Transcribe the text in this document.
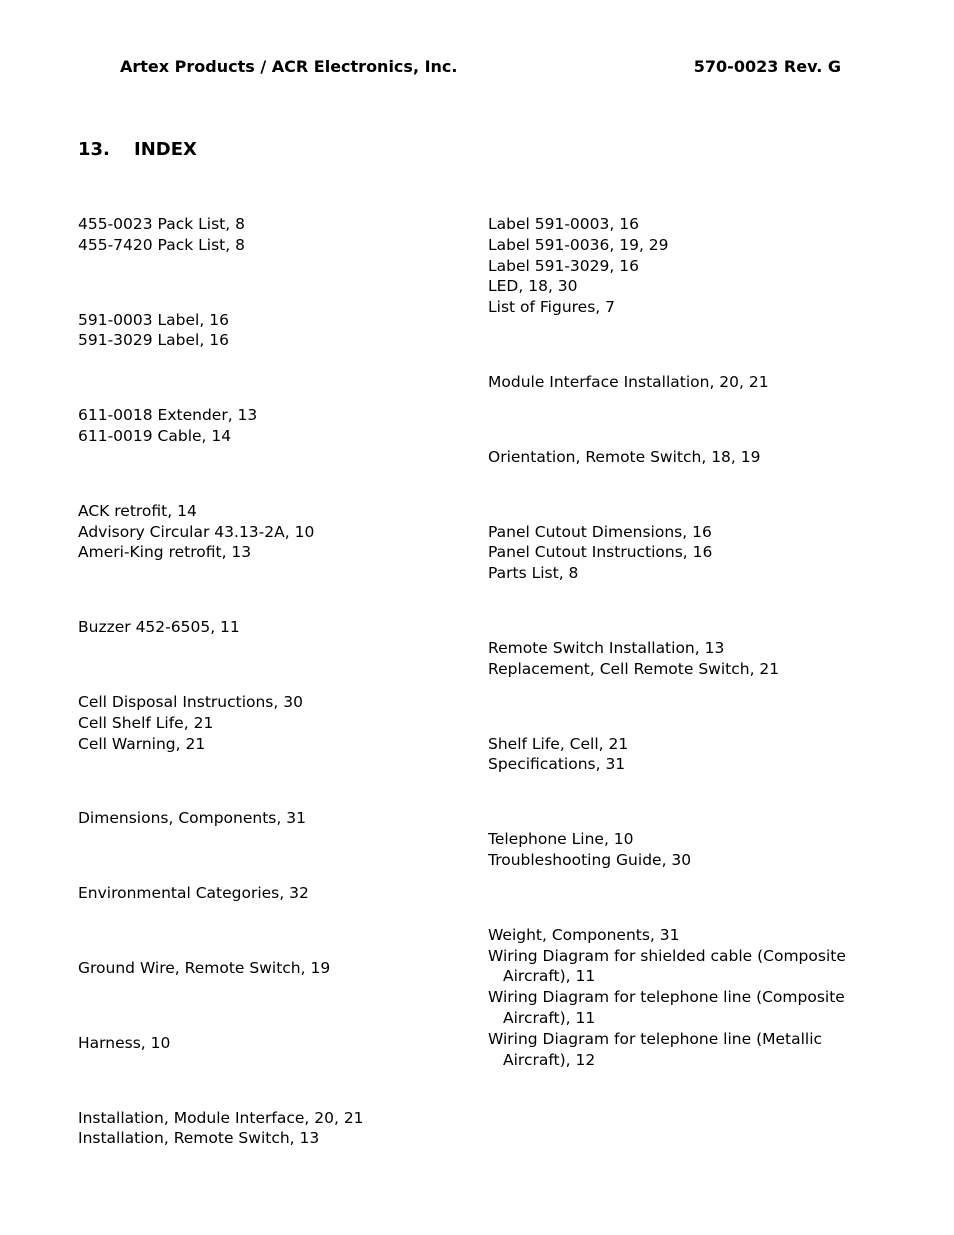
Artex Products / ACR Electronics, Inc.	570-0023 Rev. G
13. INDEX
455-0023 Pack List, 8
455-7420 Pack List, 8
591-0003 Label, 16
591-3029 Label, 16
611-0018 Extender, 13
611-0019 Cable, 14
ACK retrofit, 14
Advisory Circular 43.13-2A, 10
Ameri-King retrofit, 13
Buzzer 452-6505, 11
Cell Disposal Instructions, 30
Cell Shelf Life, 21
Cell Warning, 21
Dimensions, Components, 31
Environmental Categories, 32
Ground Wire, Remote Switch, 19
Harness, 10
Installation, Module Interface, 20, 21
Installation, Remote Switch, 13
Label 591-0003, 16
Label 591-0036, 19, 29
Label 591-3029, 16
LED, 18, 30
List of Figures, 7
Module Interface Installation, 20, 21
Orientation, Remote Switch, 18, 19
Panel Cutout Dimensions, 16
Panel Cutout Instructions, 16
Parts List, 8
Remote Switch Installation, 13
Replacement, Cell Remote Switch, 21
Shelf Life, Cell, 21
Specifications, 31
Telephone Line, 10
Troubleshooting Guide, 30
Weight, Components, 31
Wiring Diagram for shielded cable (Composite Aircraft), 11
Wiring Diagram for telephone line (Composite Aircraft), 11
Wiring Diagram for telephone line (Metallic Aircraft), 12
